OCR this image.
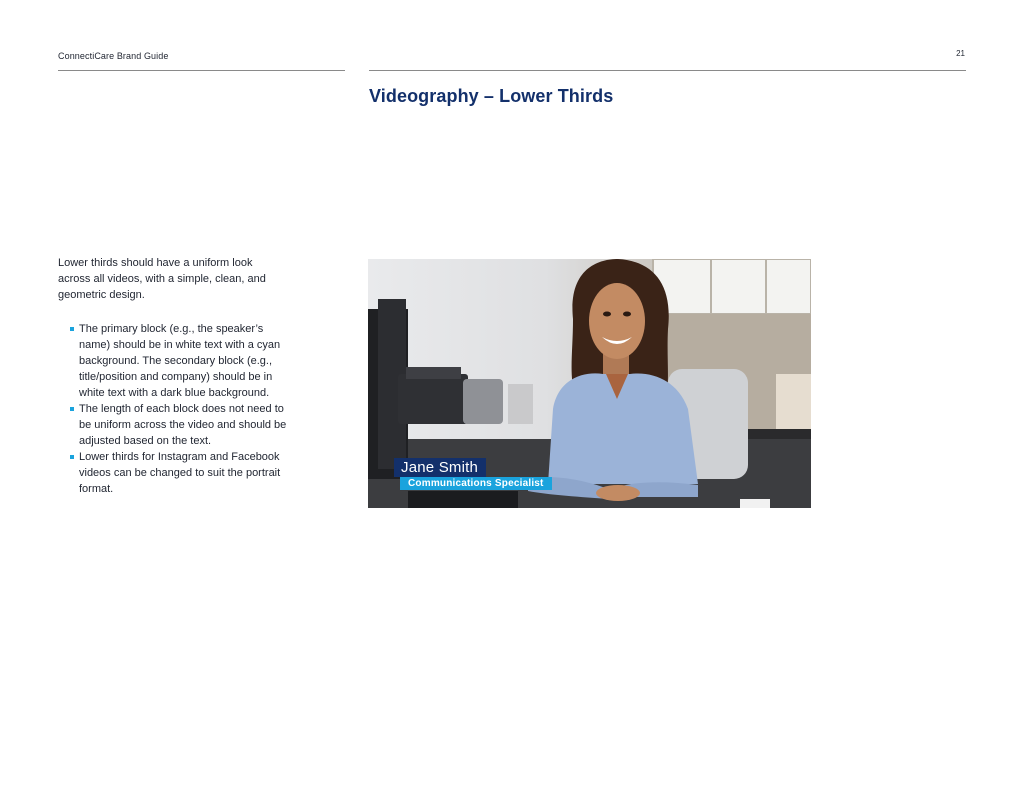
ConnectiCare Brand Guide	21
Videography – Lower Thirds

Lower thirds should have a uniform look across all videos, with a simple, clean, and geometric design.

The primary block (e.g., the speaker’s name) should be in white text with a cyan background. The secondary block (e.g., title/position and company) should be in white text with a dark blue background.
The length of each block does not need to be uniform across the video and should be adjusted based on the text.
Lower thirds for Instagram and Facebook videos can be changed to suit the portrait format.
Jane Smith
Communications Specialist
